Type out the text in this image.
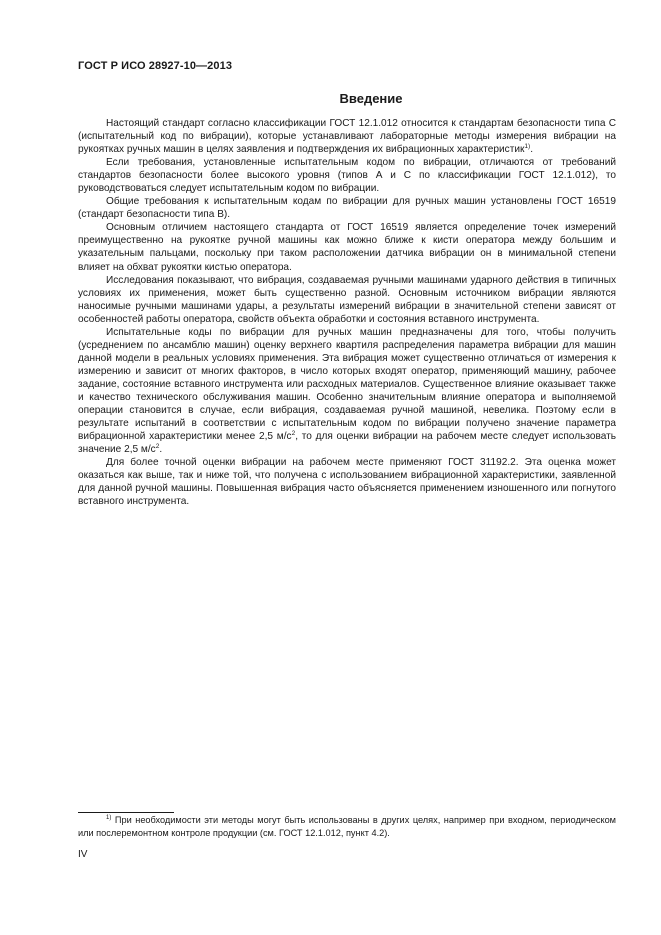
ГОСТ Р ИСО 28927-10—2013
Введение

Настоящий стандарт согласно классификации ГОСТ 12.1.012 относится к стандартам безопасности типа С (испытательный код по вибрации), которые устанавливают лабораторные методы измерения вибрации на рукоятках ручных машин в целях заявления и подтверждения их вибрационных характеристик$^{1)}$.

Если требования, установленные испытательным кодом по вибрации, отличаются от требований стандартов безопасности более высокого уровня (типов А и С по классификации ГОСТ 12.1.012), то руководствоваться следует испытательным кодом по вибрации.

Общие требования к испытательным кодам по вибрации для ручных машин установлены ГОСТ 16519 (стандарт безопасности типа В).

Основным отличием настоящего стандарта от ГОСТ 16519 является определение точек измерений преимущественно на рукоятке ручной машины как можно ближе к кисти оператора между большим и указательным пальцами, поскольку при таком расположении датчика вибрации он в минимальной степени влияет на обхват рукоятки кистью оператора.

Исследования показывают, что вибрация, создаваемая ручными машинами ударного действия в типичных условиях их применения, может быть существенно разной. Основным источником вибрации являются наносимые ручными машинами удары, а результаты измерений вибрации в значительной степени зависят от особенностей работы оператора, свойств объекта обработки и состояния вставного инструмента.

Испытательные коды по вибрации для ручных машин предназначены для того, чтобы получить (усреднением по ансамблю машин) оценку верхнего квартиля распределения параметра вибрации для машин данной модели в реальных условиях применения. Эта вибрация может существенно отличаться от измерения к измерению и зависит от многих факторов, в число которых входят оператор, применяющий машину, рабочее задание, состояние вставного инструмента или расходных материалов. Существенное влияние оказывает также и качество технического обслуживания машин. Особенно значительным влияние оператора и выполняемой операции становится в случае, если вибрация, создаваемая ручной машиной, невелика. Поэтому если в результате испытаний в соответствии с испытательным кодом по вибрации получено значение параметра вибрационной характеристики менее 2,5 $м/с^2$, то для оценки вибрации на рабочем месте следует использовать значение 2,5 $м/с^2$.

Для более точной оценки вибрации на рабочем месте применяют ГОСТ 31192.2. Эта оценка может оказаться как выше, так и ниже той, что получена с использованием вибрационной характеристики, заявленной для данной ручной машины. Повышенная вибрация часто объясняется применением изношенного или погнутого вставного инструмента.

$^{1)}$ При необходимости эти методы могут быть использованы в других целях, например при входном, периодическом или послеремонтном контроле продукции (см. ГОСТ 12.1.012, пункт 4.2).

IV
